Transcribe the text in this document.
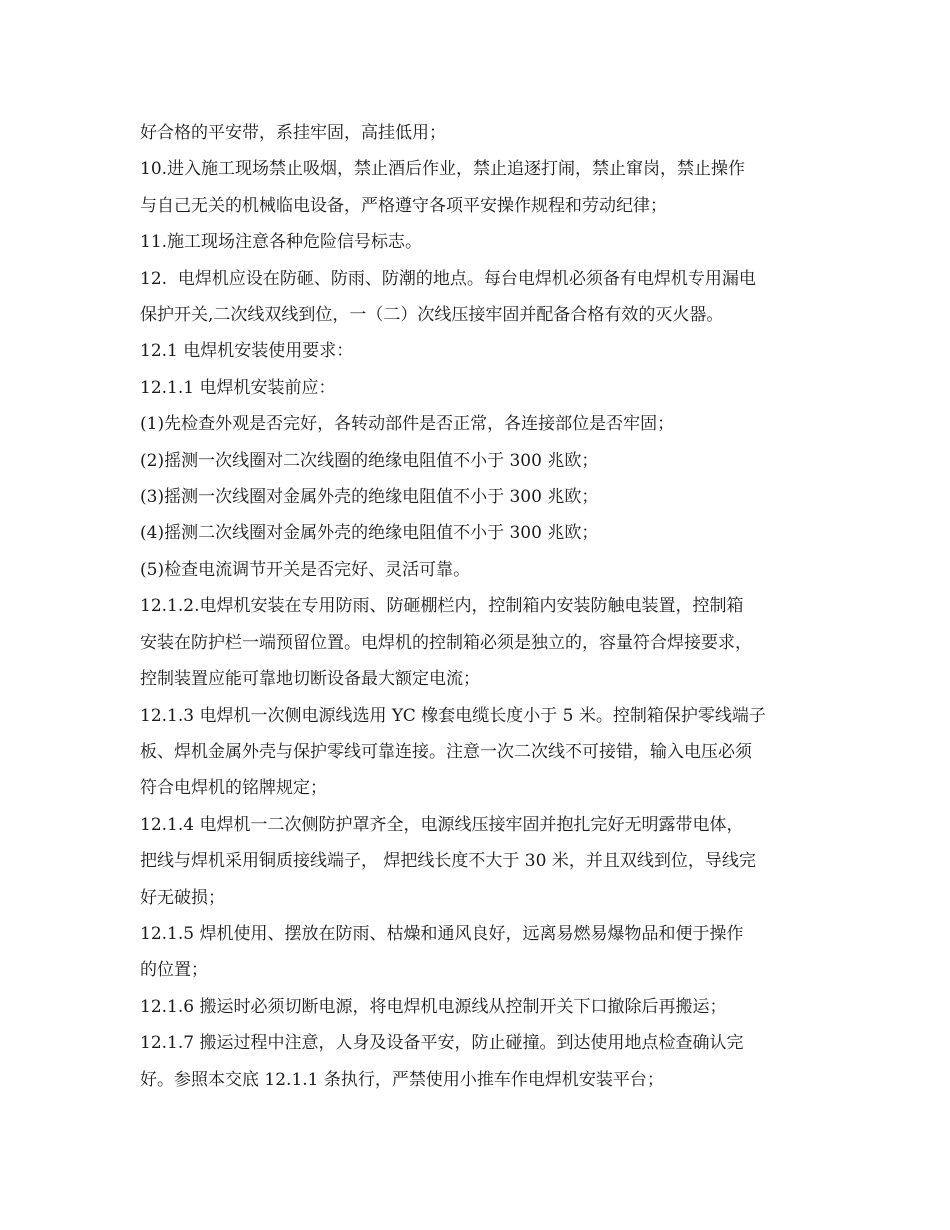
好合格的平安带，系挂牢固，高挂低用；
10.进入施工现场禁止吸烟，禁止酒后作业，禁止追逐打闹，禁止窜岗，禁止操作
与自己无关的机械临电设备，严格遵守各项平安操作规程和劳动纪律；
11.施工现场注意各种危险信号标志。
12.  电焊机应设在防砸、防雨、防潮的地点。每台电焊机必须备有电焊机专用漏电
保护开关,二次线双线到位，一（二）次线压接牢固并配备合格有效的灭火器。
12.1 电焊机安装使用要求：
12.1.1 电焊机安装前应：
(1)先检查外观是否完好，各转动部件是否正常，各连接部位是否牢固；
(2)摇测一次线圈对二次线圈的绝缘电阻值不小于 300 兆欧；
(3)摇测一次线圈对金属外壳的绝缘电阻值不小于 300 兆欧；
(4)摇测二次线圈对金属外壳的绝缘电阻值不小于 300 兆欧；
(5)检查电流调节开关是否完好、灵活可靠。
12.1.2.电焊机安装在专用防雨、防砸棚栏内，控制箱内安装防触电装置，控制箱
安装在防护栏一端预留位置。电焊机的控制箱必须是独立的，容量符合焊接要求，
控制装置应能可靠地切断设备最大额定电流；
12.1.3 电焊机一次侧电源线选用 YC 橡套电缆长度小于 5 米。控制箱保护零线端子
板、焊机金属外壳与保护零线可靠连接。注意一次二次线不可接错，输入电压必须
符合电焊机的铭牌规定；
12.1.4 电焊机一二次侧防护罩齐全，电源线压接牢固并抱扎完好无明露带电体，
把线与焊机采用铜质接线端子， 焊把线长度不大于 30 米，并且双线到位，导线完
好无破损；
12.1.5 焊机使用、摆放在防雨、枯燥和通风良好，远离易燃易爆物品和便于操作
的位置；
12.1.6 搬运时必须切断电源，将电焊机电源线从控制开关下口撤除后再搬运；
12.1.7 搬运过程中注意，人身及设备平安，防止碰撞。到达使用地点检查确认完
好。参照本交底 12.1.1 条执行，严禁使用小推车作电焊机安装平台；
